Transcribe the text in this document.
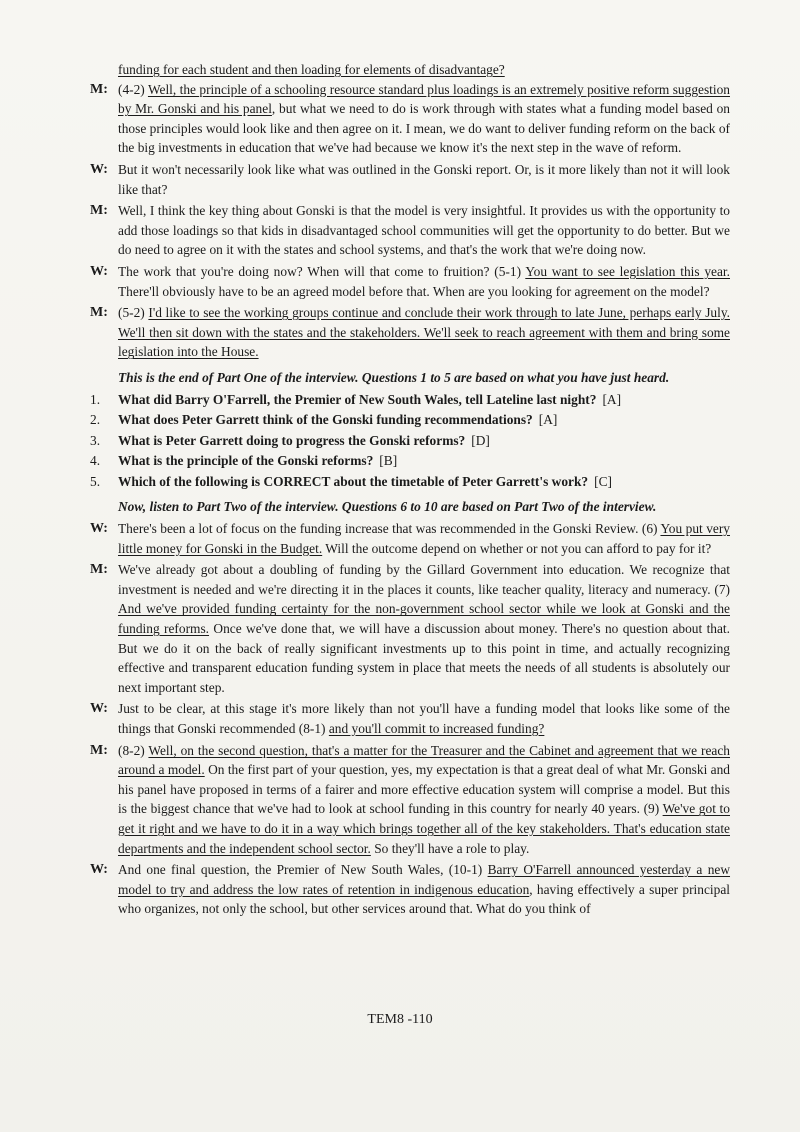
funding for each student and then loading for elements of disadvantage?
M: (4-2) Well, the principle of a schooling resource standard plus loadings is an extremely positive reform suggestion by Mr. Gonski and his panel, but what we need to do is work through with states what a funding model based on those principles would look like and then agree on it. I mean, we do want to deliver funding reform on the back of the big investments in education that we've had because we know it's the next step in the wave of reform.
W: But it won't necessarily look like what was outlined in the Gonski report. Or, is it more likely than not it will look like that?
M: Well, I think the key thing about Gonski is that the model is very insightful. It provides us with the opportunity to add those loadings so that kids in disadvantaged school communities will get the opportunity to do better. But we do need to agree on it with the states and school systems, and that's the work that we're doing now.
W: The work that you're doing now? When will that come to fruition? (5-1) You want to see legislation this year. There'll obviously have to be an agreed model before that. When are you looking for agreement on the model?
M: (5-2) I'd like to see the working groups continue and conclude their work through to late June, perhaps early July. We'll then sit down with the states and the stakeholders. We'll seek to reach agreement with them and bring some legislation into the House.
This is the end of Part One of the interview. Questions 1 to 5 are based on what you have just heard.
1. What did Barry O'Farrell, the Premier of New South Wales, tell Lateline last night? [A]
2. What does Peter Garrett think of the Gonski funding recommendations? [A]
3. What is Peter Garrett doing to progress the Gonski reforms? [D]
4. What is the principle of the Gonski reforms? [B]
5. Which of the following is CORRECT about the timetable of Peter Garrett's work? [C]
Now, listen to Part Two of the interview. Questions 6 to 10 are based on Part Two of the interview.
W: There's been a lot of focus on the funding increase that was recommended in the Gonski Review. (6) You put very little money for Gonski in the Budget. Will the outcome depend on whether or not you can afford to pay for it?
M: We've already got about a doubling of funding by the Gillard Government into education. We recognize that investment is needed and we're directing it in the places it counts, like teacher quality, literacy and numeracy. (7) And we've provided funding certainty for the non-government school sector while we look at Gonski and the funding reforms. Once we've done that, we will have a discussion about money. There's no question about that. But we do it on the back of really significant investments up to this point in time, and actually recognizing effective and transparent education funding system in place that meets the needs of all students is absolutely our next important step.
W: Just to be clear, at this stage it's more likely than not you'll have a funding model that looks like some of the things that Gonski recommended (8-1) and you'll commit to increased funding?
M: (8-2) Well, on the second question, that's a matter for the Treasurer and the Cabinet and agreement that we reach around a model. On the first part of your question, yes, my expectation is that a great deal of what Mr. Gonski and his panel have proposed in terms of a fairer and more effective education system will comprise a model. But this is the biggest chance that we've had to look at school funding in this country for nearly 40 years. (9) We've got to get it right and we have to do it in a way which brings together all of the key stakeholders. That's education state departments and the independent school sector. So they'll have a role to play.
W: And one final question, the Premier of New South Wales, (10-1) Barry O'Farrell announced yesterday a new model to try and address the low rates of retention in indigenous education, having effectively a super principal who organizes, not only the school, but other services around that. What do you think of
TEM8 -110
